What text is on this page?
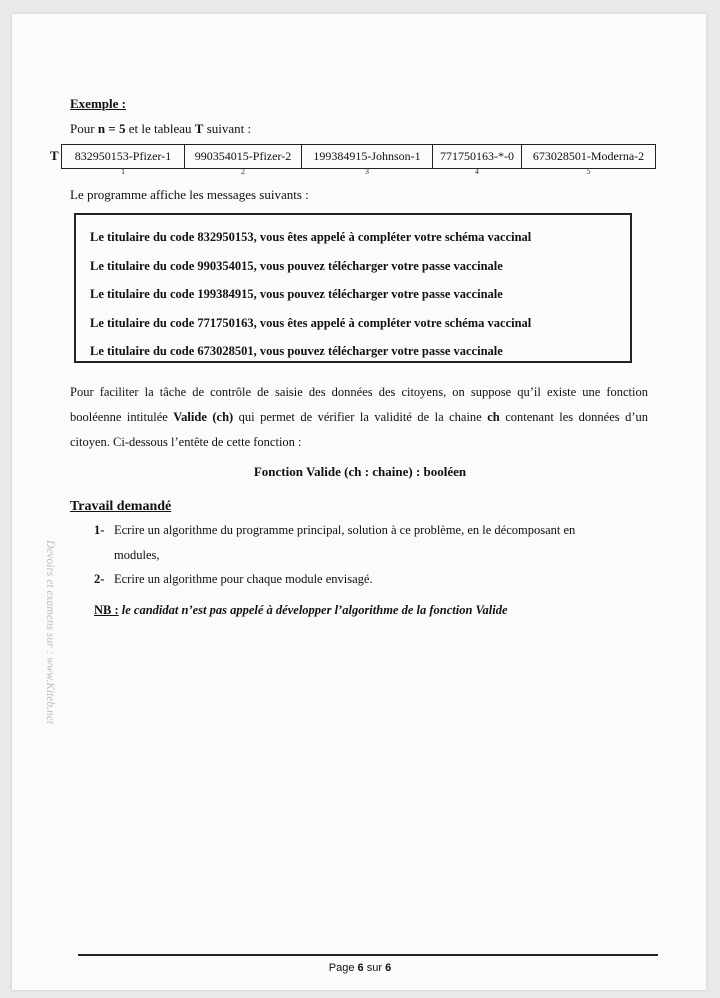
Exemple :
Pour n = 5 et le tableau T suivant :
T	832950153-Pfizer-1
1
990354015-Pfizer-2
2
199384915-Johnson-1
3
771750163-*-0
4
673028501-Moderna-2
5
Le programme affiche les messages suivants :
Le titulaire du code 832950153, vous êtes appelé à compléter votre schéma vaccinal
Le titulaire du code 990354015, vous pouvez télécharger votre passe vaccinale
Le titulaire du code 199384915, vous pouvez télécharger votre passe vaccinale
Le titulaire du code 771750163, vous êtes appelé à compléter votre schéma vaccinal
Le titulaire du code 673028501, vous pouvez télécharger votre passe vaccinale
Pour faciliter la tâche de contrôle de saisie des données des citoyens, on suppose qu’il existe une fonction booléenne intitulée Valide (ch) qui permet de vérifier la validité de la chaine ch contenant les données d’un citoyen. Ci-dessous l’entête de cette fonction :
Fonction Valide (ch : chaine) : booléen
Travail demandé
1- Ecrire un algorithme du programme principal, solution à ce problème, en le décomposant en
modules,
2- Ecrire un algorithme pour chaque module envisagé.
NB : le candidat n’est pas appelé à développer l’algorithme de la fonction Valide
Devoirs et examens sur : www.Kiteb.net
Page 6 sur 6
